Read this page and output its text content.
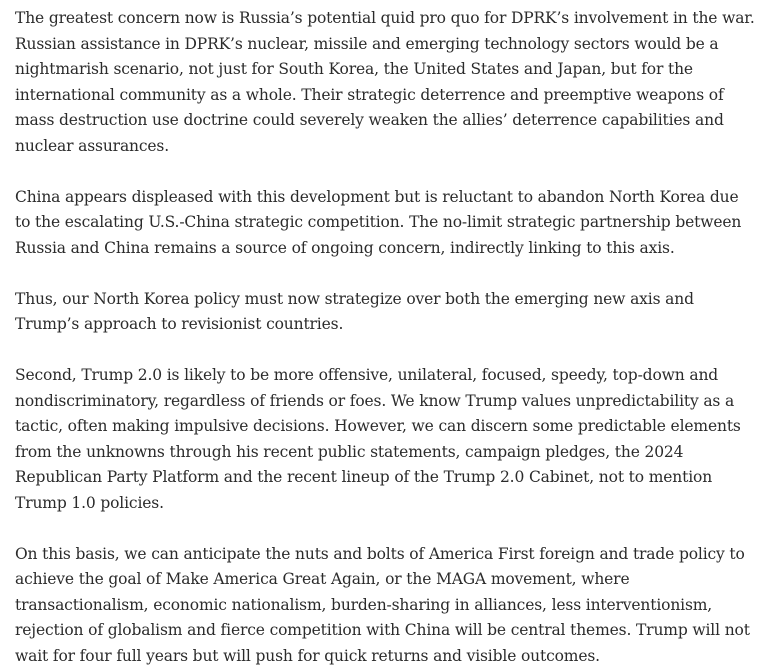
The greatest concern now is Russia’s potential quid pro quo for DPRK’s involvement in the war. Russian assistance in DPRK’s nuclear, missile and emerging technology sectors would be a nightmarish scenario, not just for South Korea, the United States and Japan, but for the international community as a whole. Their strategic deterrence and preemptive weapons of mass destruction use doctrine could severely weaken the allies’ deterrence capabilities and nuclear assurances.

China appears displeased with this development but is reluctant to abandon North Korea due to the escalating U.S.-China strategic competition. The no-limit strategic partnership between Russia and China remains a source of ongoing concern, indirectly linking to this axis.

Thus, our North Korea policy must now strategize over both the emerging new axis and Trump’s approach to revisionist countries.

Second, Trump 2.0 is likely to be more offensive, unilateral, focused, speedy, top-down and nondiscriminatory, regardless of friends or foes. We know Trump values unpredictability as a tactic, often making impulsive decisions. However, we can discern some predictable elements from the unknowns through his recent public statements, campaign pledges, the 2024 Republican Party Platform and the recent lineup of the Trump 2.0 Cabinet, not to mention Trump 1.0 policies.

On this basis, we can anticipate the nuts and bolts of America First foreign and trade policy to achieve the goal of Make America Great Again, or the MAGA movement, where transactionalism, economic nationalism, burden-sharing in alliances, less interventionism, rejection of globalism and fierce competition with China will be central themes. Trump will not wait for four full years but will push for quick returns and visible outcomes.
